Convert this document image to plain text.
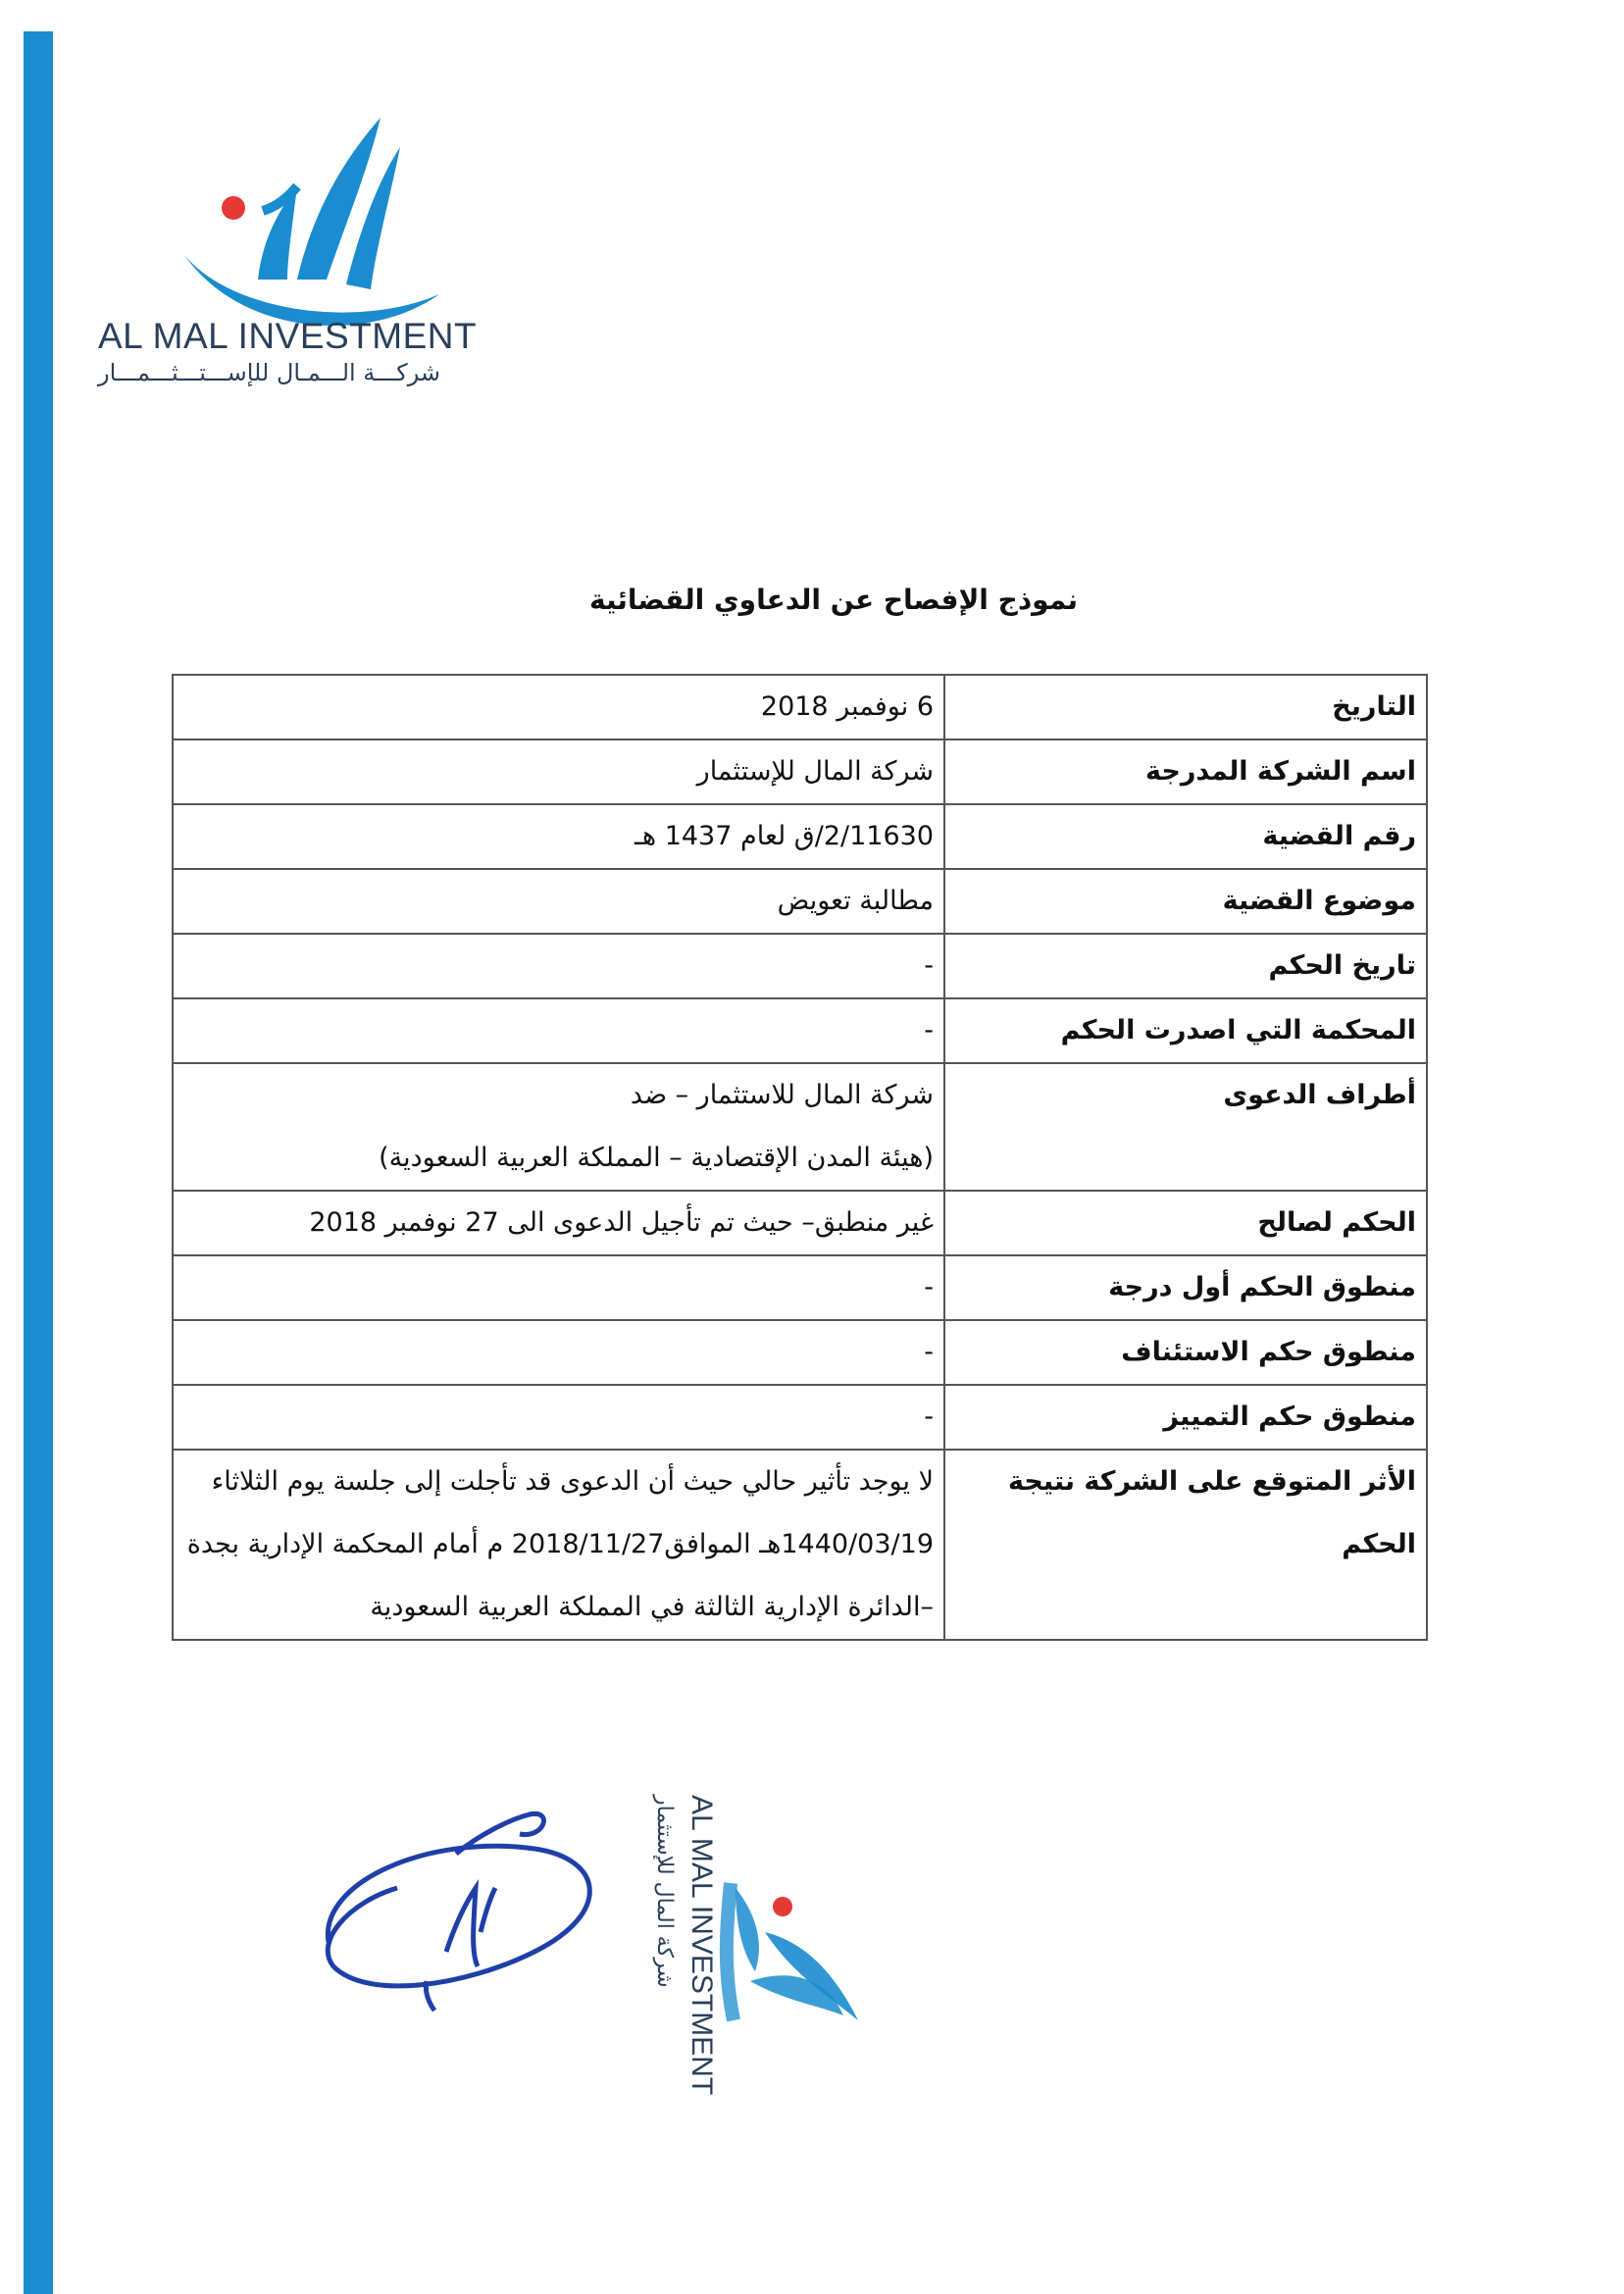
AL MAL INVESTMENT
شركـــة الـــمـال للإســـتـــثـــمـــار
نموذج الإفصاح عن الدعاوي القضائية
التاريخ	6 نوفمبر 2018
اسم الشركة المدرجة	شركة المال للإستثمار
رقم القضية	2/11630/ق لعام 1437 هـ
موضوع القضية	مطالبة تعويض
تاريخ الحكم	-
المحكمة التي اصدرت الحكم	-
أطراف الدعوى	شركة المال للاستثمار – ضد
(هيئة المدن الإقتصادية – المملكة العربية السعودية)

الحكم لصالح	غير منطبق– حيث تم تأجيل الدعوى الى 27 نوفمبر 2018
منطوق الحكم أول درجة	-
منطوق حكم الاستئناف	-
منطوق حكم التمييز	-
الأثر المتوقع على الشركة نتيجة الحكم	لا يوجد تأثير حالي حيث أن الدعوى قد تأجلت إلى جلسة يوم الثلاثاء 1440/03/19هـ الموافق2018/11/27 م أمام المحكمة الإدارية بجدة –الدائرة الإدارية الثالثة في المملكة العربية السعودية
AL MAL INVESTMENT
شركة المال للإستثمار
